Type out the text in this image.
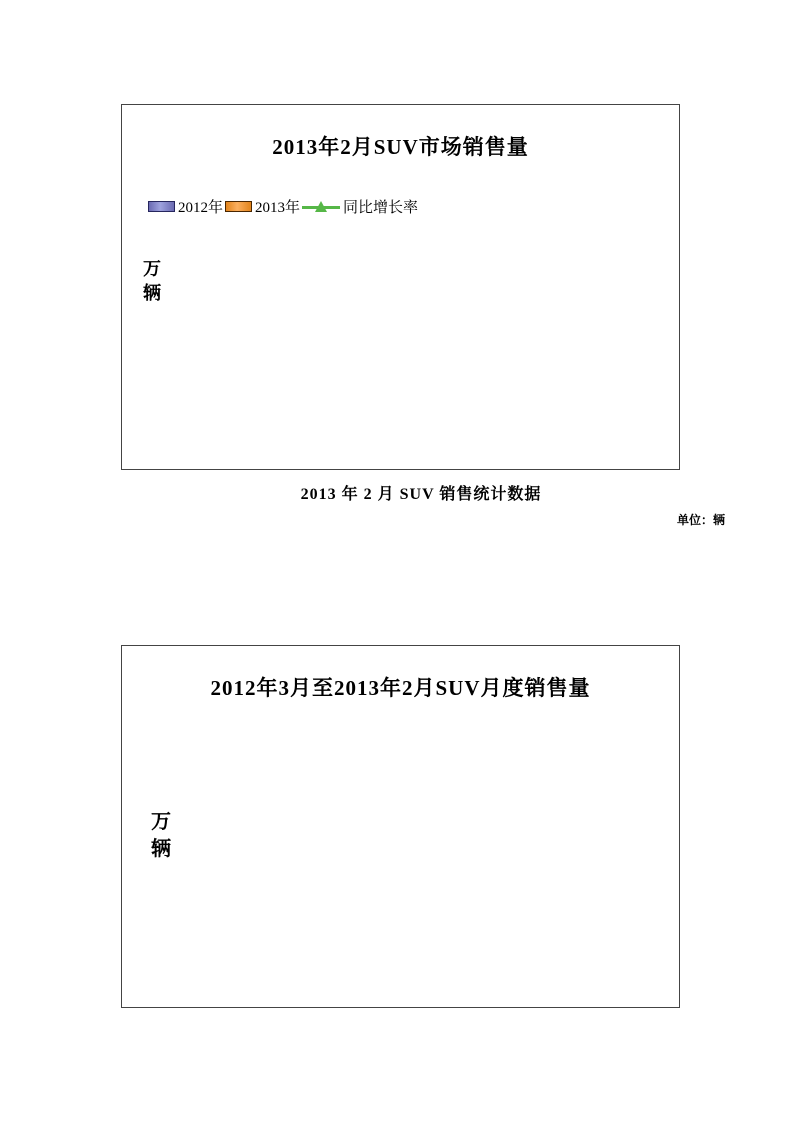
2013年2月SUV市场销售量
2012年 2013年	同比增长率
万辆
2013 年 2 月 SUV 销售统计数据
单位：辆
2012年3月至2013年2月SUV月度销售量
万辆
